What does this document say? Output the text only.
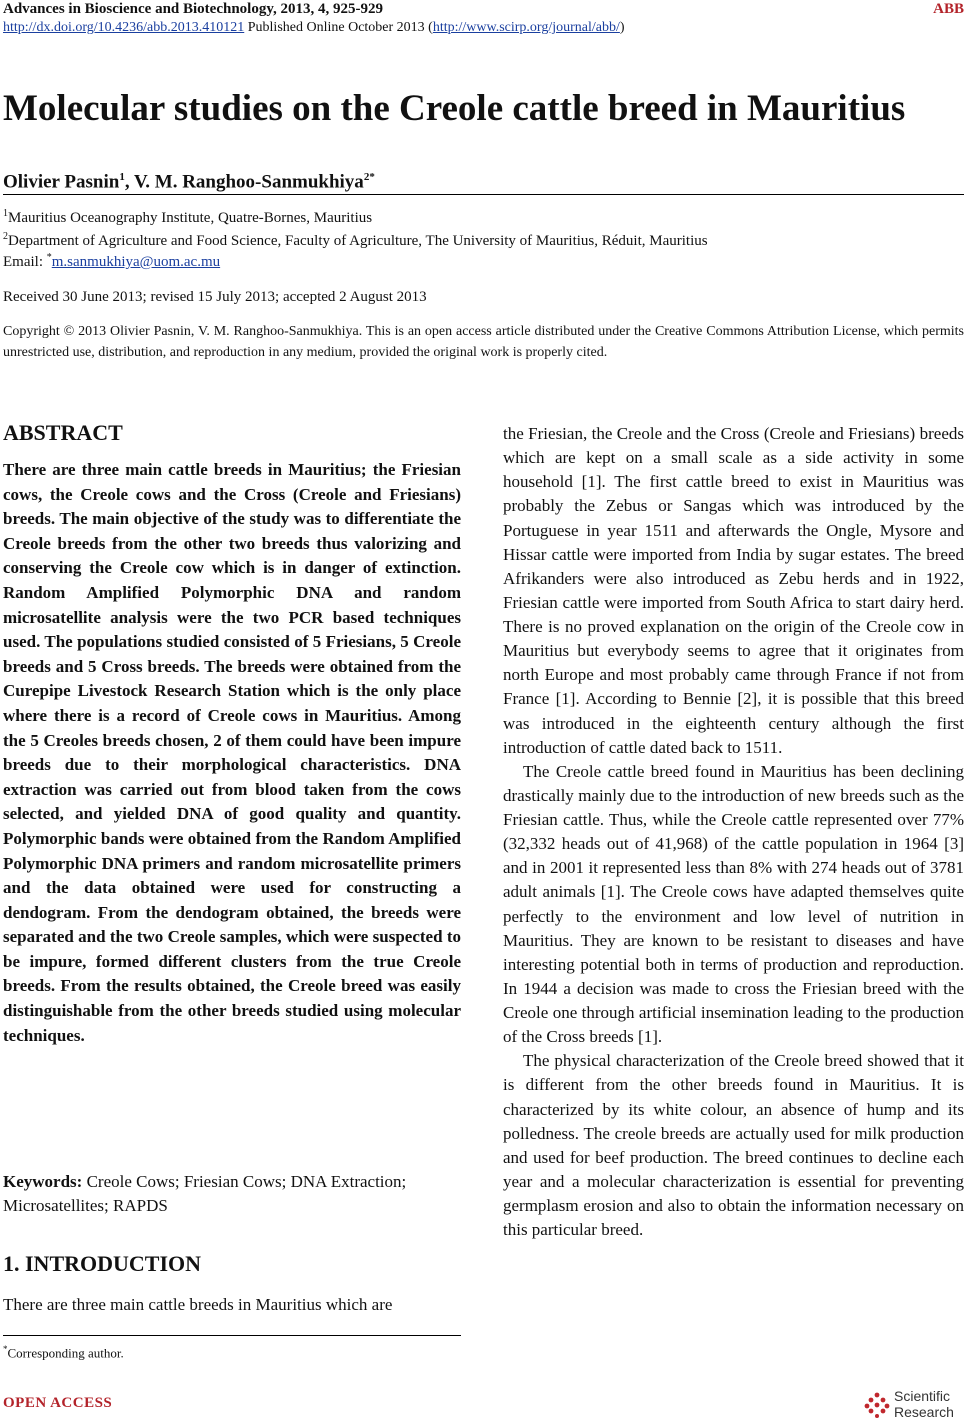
Advances in Bioscience and Biotechnology, 2013, 4, 925-929	ABB
http://dx.doi.org/10.4236/abb.2013.410121 Published Online October 2013 (http://www.scirp.org/journal/abb/)
Molecular studies on the Creole cattle breed in Mauritius
Olivier Pasnin$^1$, V. M. Ranghoo-Sanmukhiya$^{2*}$
$^1$Mauritius Oceanography Institute, Quatre-Bornes, Mauritius
$^2$Department of Agriculture and Food Science, Faculty of Agriculture, The University of Mauritius, Réduit, Mauritius
Email: *m.sanmukhiya@uom.ac.mu
Received 30 June 2013; revised 15 July 2013; accepted 2 August 2013
Copyright © 2013 Olivier Pasnin, V. M. Ranghoo-Sanmukhiya. This is an open access article distributed under the Creative Commons Attribution License, which permits unrestricted use, distribution, and reproduction in any medium, provided the original work is properly cited.
ABSTRACT

There are three main cattle breeds in Mauritius; the Friesian cows, the Creole cows and the Cross (Creole and Friesians) breeds. The main objective of the study was to differentiate the Creole breeds from the other two breeds thus valorizing and conserving the Creole cow which is in danger of extinction. Random Amplified Polymorphic DNA and random microsatellite analysis were the two PCR based techniques used. The populations studied consisted of 5 Friesians, 5 Creole breeds and 5 Cross breeds. The breeds were obtained from the Curepipe Livestock Research Station which is the only place where there is a record of Creole cows in Mauritius. Among the 5 Creoles breeds chosen, 2 of them could have been impure breeds due to their morphological characteristics. DNA extraction was carried out from blood taken from the cows selected, and yielded DNA of good quality and quantity. Polymorphic bands were obtained from the Random Amplified Polymorphic DNA primers and random microsatellite primers and the data obtained were used for constructing a dendogram. From the dendogram obtained, the breeds were separated and the two Creole samples, which were suspected to be impure, formed different clusters from the true Creole breeds. From the results obtained, the Creole breed was easily distinguishable from the other breeds studied using molecular techniques.

Keywords: Creole Cows; Friesian Cows; DNA Extraction; Microsatellites; RAPDS

1. INTRODUCTION

There are three main cattle breeds in Mauritius which are

*Corresponding author.

the Friesian, the Creole and the Cross (Creole and Friesians) breeds which are kept on a small scale as a side activity in some household [1]. The first cattle breed to exist in Mauritius was probably the Zebus or Sangas which was introduced by the Portuguese in year 1511 and afterwards the Ongle, Mysore and Hissar cattle were imported from India by sugar estates. The breed Afrikanders were also introduced as Zebu herds and in 1922, Friesian cattle were imported from South Africa to start dairy herd. There is no proved explanation on the origin of the Creole cow in Mauritius but everybody seems to agree that it originates from north Europe and most probably came through France if not from France [1]. According to Bennie [2], it is possible that this breed was introduced in the eighteenth century although the first introduction of cattle dated back to 1511.

The Creole cattle breed found in Mauritius has been declining drastically mainly due to the introduction of new breeds such as the Friesian cattle. Thus, while the Creole cattle represented over 77% (32,332 heads out of 41,968) of the cattle population in 1964 [3] and in 2001 it represented less than 8% with 274 heads out of 3781 adult animals [1]. The Creole cows have adapted themselves quite perfectly to the environment and low level of nutrition in Mauritius. They are known to be resistant to diseases and have interesting potential both in terms of production and reproduction. In 1944 a decision was made to cross the Friesian breed with the Creole one through artificial insemination leading to the production of the Cross breeds [1].

The physical characterization of the Creole breed showed that it is different from the other breeds found in Mauritius. It is characterized by its white colour, an absence of hump and its polledness. The creole breeds are actually used for milk production and used for beef production. The breed continues to decline each year and a molecular characterization is essential for preventing germplasm erosion and also to obtain the information necessary on this particular breed.

OPEN ACCESS	Scientific
Research
